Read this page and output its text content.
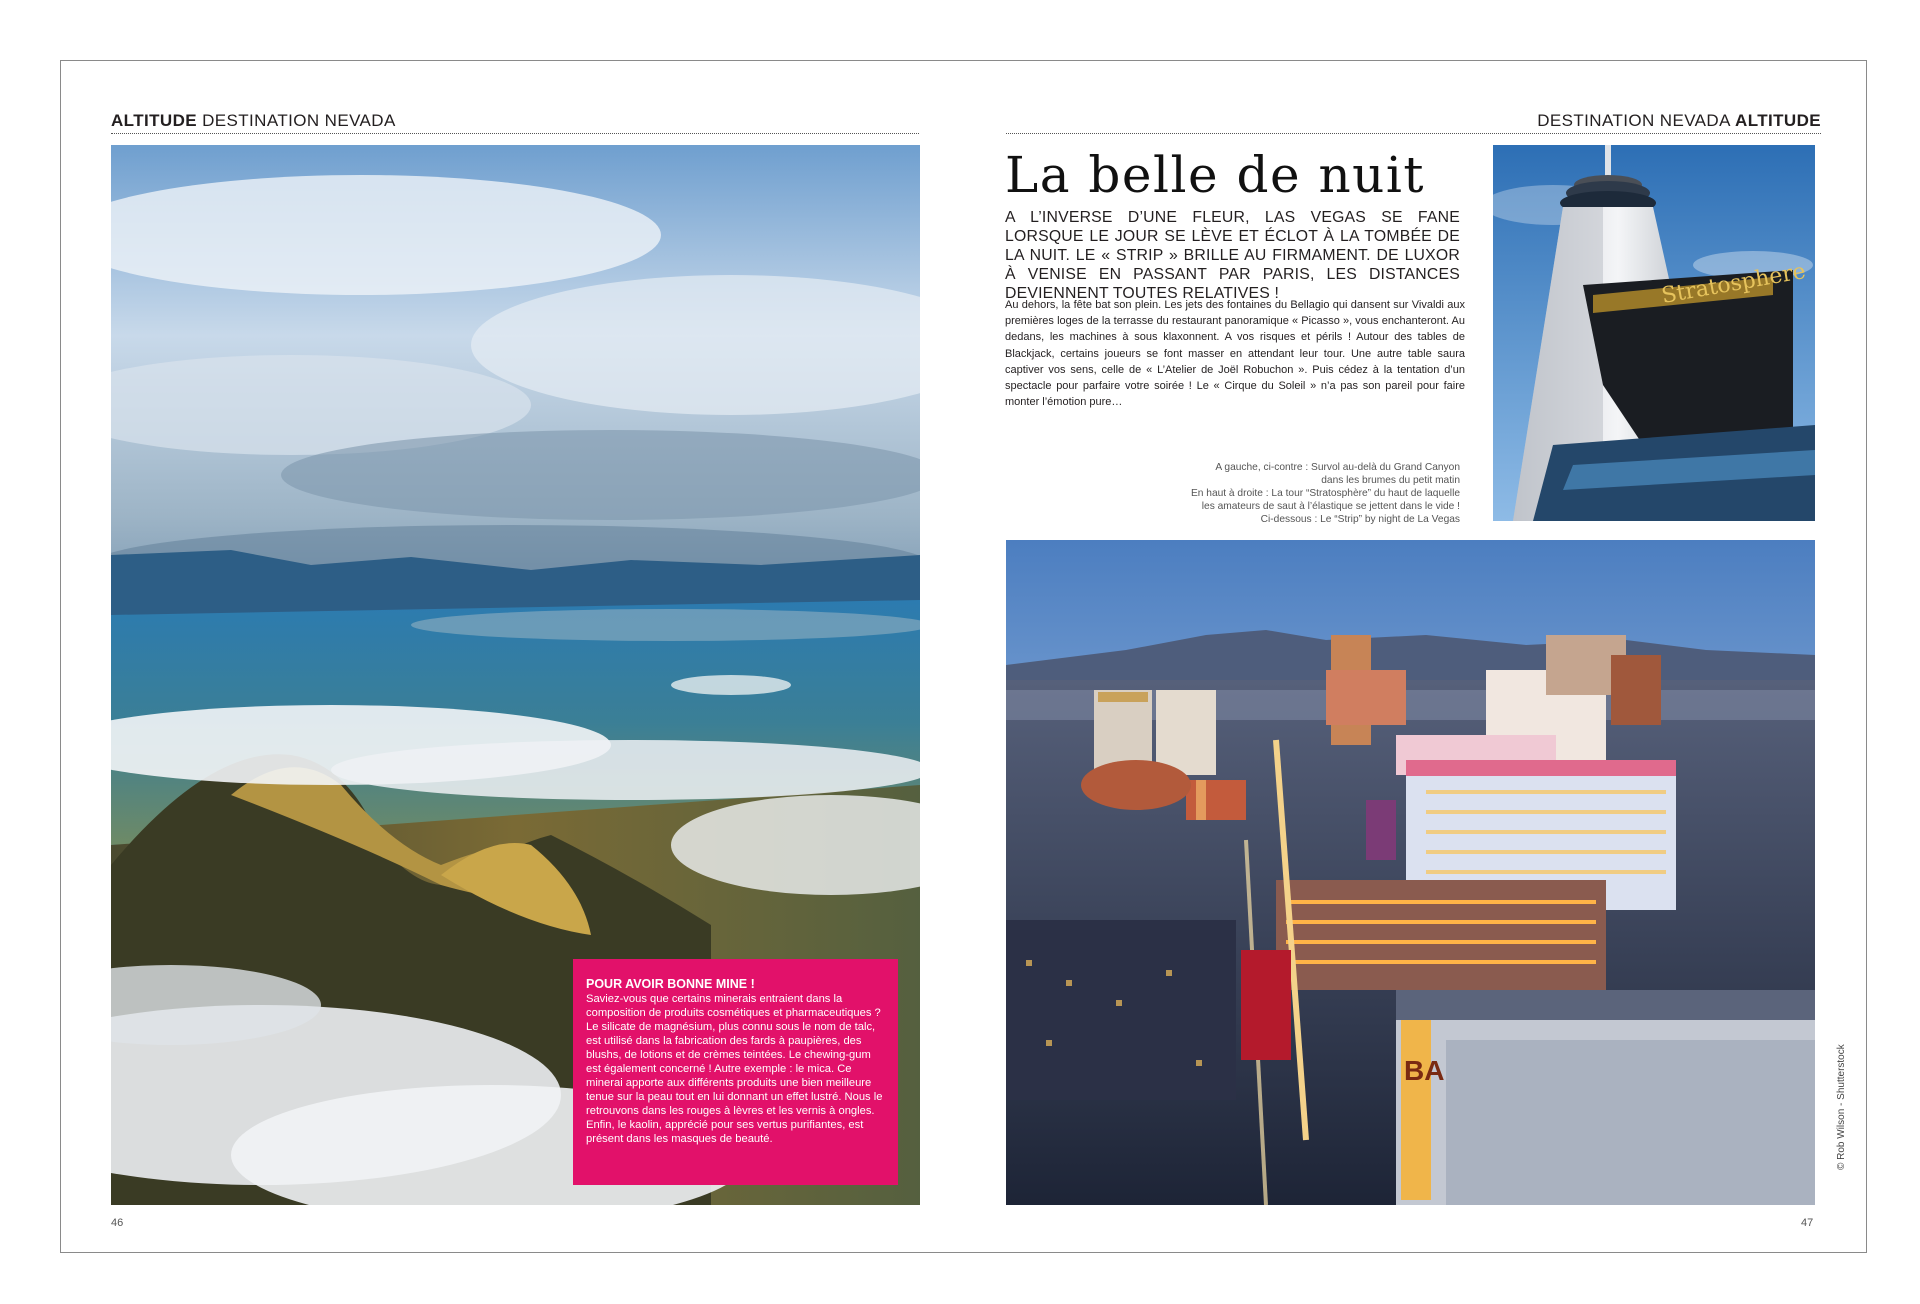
ALTITUDE DESTINATION NEVADA	DESTINATION NEVADA ALTITUDE
POUR AVOIR BONNE MINE !

Saviez-vous que certains minerais entraient dans la composition de produits cosmétiques et pharmaceutiques ? Le silicate de magnésium, plus connu sous le nom de talc, est utilisé dans la fabrication des fards à paupières, des blushs, de lotions et de crèmes teintées. Le chewing-gum est également concerné ! Autre exemple : le mica. Ce minerai apporte aux différents produits une bien meilleure tenue sur la peau tout en lui donnant un effet lustré. Nous le retrouvons dans les rouges à lèvres et les vernis à ongles. Enfin, le kaolin, apprécié pour ses vertus purifiantes, est présent dans les masques de beauté.

La belle de nuit
A L’INVERSE D’UNE FLEUR, LAS VEGAS SE FANE LORSQUE LE JOUR SE LÈVE ET ÉCLOT À LA TOMBÉE DE LA NUIT. LE « STRIP » BRILLE AU FIRMAMENT. DE LUXOR À VENISE EN PASSANT PAR PARIS, LES DISTANCES DEVIENNENT TOUTES RELATIVES !
Au dehors, la fête bat son plein. Les jets des fontaines du Bellagio qui dansent sur Vivaldi aux premières loges de la terrasse du restaurant panoramique « Picasso », vous enchanteront. Au dedans, les machines à sous klaxonnent. A vos risques et périls ! Autour des tables de Blackjack, certains joueurs se font masser en attendant leur tour. Une autre table saura captiver vos sens, celle de « L’Atelier de Joël Robuchon ». Puis cédez à la tentation d’un spectacle pour parfaire votre soirée ! Le « Cirque du Soleil » n’a pas son pareil pour faire monter l’émotion pure…
A gauche, ci-contre : Survol au-delà du Grand Canyon
dans les brumes du petit matin
En haut à droite : La tour “Stratosphère” du haut de laquelle
les amateurs de saut à l’élastique se jettent dans le vide !
Ci-dessous : Le “Strip” by night de La Vegas
Stratosphere
BA	© Rob Wilson - Shutterstock
46	47
